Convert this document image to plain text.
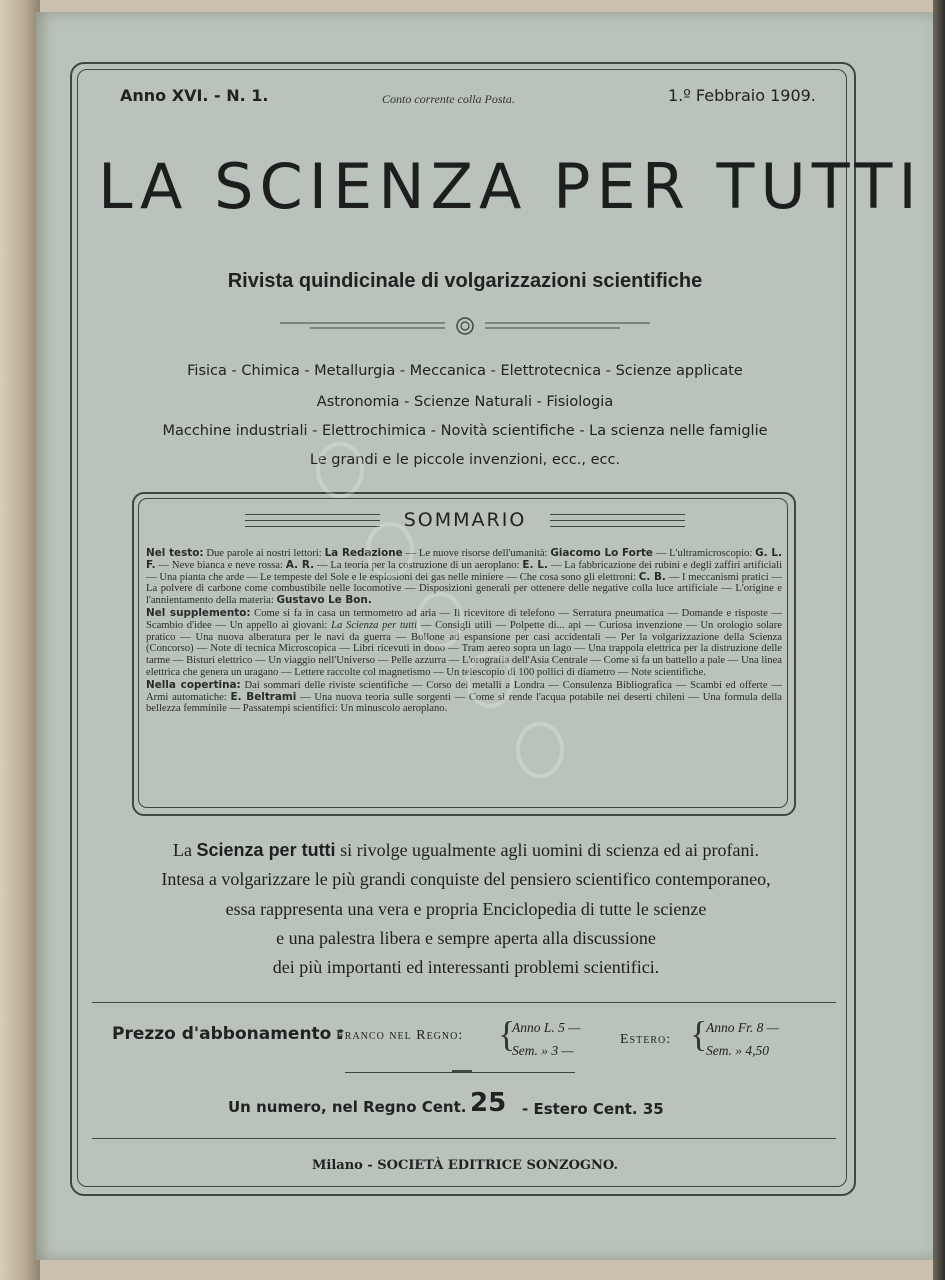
Anno XVI. - N. 1.	Conto corrente colla Posta.	1.º Febbraio 1909.
LA SCIENZA PER TUTTI
Rivista quindicinale di volgarizzazioni scientifiche
Fisica - Chimica - Metallurgia - Meccanica - Elettrotecnica - Scienze applicate
Astronomia - Scienze Naturali - Fisiologia
Macchine industriali - Elettrochimica - Novità scientifiche - La scienza nelle famiglie
Le grandi e le piccole invenzioni, ecc., ecc.
SOMMARIO

Nel testo: Due parole ai nostri lettori: La Redazione — Le nuove risorse dell'umanità: Giacomo Lo Forte — L'ultramicroscopio: G. L. F. — Neve bianca e neve rossa: A. R. — La teoria per la costruzione di un aeroplano: E. L. — La fabbricazione dei rubini e degli zaffiri artificiali — Una pianta che arde — Le tempeste del Sole e le esplosioni dei gas nelle miniere — Che cosa sono gli elettroni: C. B. — I meccanismi pratici — La polvere di carbone come combustibile nelle locomotive — Disposizioni generali per ottenere delle negative colla luce artificiale — L'origine e l'annientamento della materia: Gustavo Le Bon.

Nel supplemento: Come si fa in casa un termometro ad aria — Il ricevitore di telefono — Serratura pneumatica — Domande e risposte — Scambio d'idee — Un appello ai giovani: La Scienza per tutti — Consigli utili — Polpette di... api — Curiosa invenzione — Un orologio solare pratico — Una nuova alberatura per le navi da guerra — Bollone ad espansione per casi accidentali — Per la volgarizzazione della Scienza (Concorso) — Note di tecnica Microscopica — Libri ricevuti in dono — Tram aereo sopra un lago — Una trappola elettrica per la distruzione delle tarme — Bisturi elettrico — Un viaggio nell'Universo — Pelle azzurra — L'orografia dell'Asia Centrale — Come si fa un battello a pale — Una linea elettrica che genera un uragano — Lettere raccolte col magnetismo — Un telescopio di 100 pollici di diametro — Note scientifiche.

Nella copertina: Dai sommari delle riviste scientifiche — Corso dei metalli a Londra — Consulenza Bibliografica — Scambi ed offerte — Armi automatiche: E. Beltrami — Una nuova teoria sulle sorgenti — Come si rende l'acqua potabile nei deserti chileni — Una formula della bellezza femminile — Passatempi scientifici: Un minuscolo aeroplano.

La Scienza per tutti si rivolge ugualmente agli uomini di scienza ed ai profani.
Intesa a volgarizzare le più grandi conquiste del pensiero scientifico contemporaneo,
essa rappresenta una vera e propria Enciclopedia di tutte le scienze
e una palestra libera e sempre aperta alla discussione
dei più importanti ed interessanti problemi scientifici.
Prezzo d'abbonamento :
Franco nel Regno: {
Anno L. 5 —
Sem. » 3 —
Estero: {
Anno Fr. 8 —
Sem. » 4,50
Un numero, nel Regno Cent. 25 - Estero Cent. 35
Milano - SOCIETÀ EDITRICE SONZOGNO.
